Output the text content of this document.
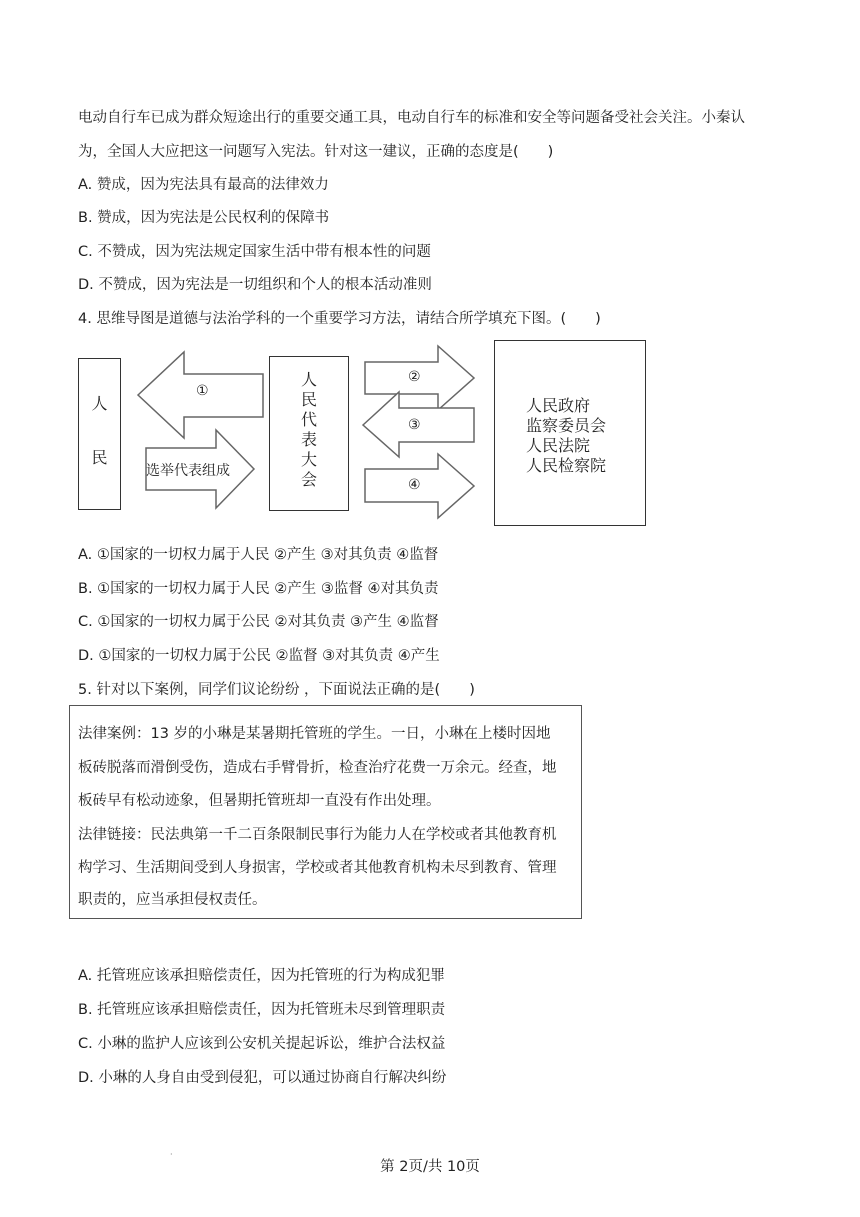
电动自行车已成为群众短途出行的重要交通工具，电动自行车的标准和安全等问题备受社会关注。小秦认
为，全国人大应把这一问题写入宪法。针对这一建议，正确的态度是(　　)
A. 赞成，因为宪法具有最高的法律效力
B. 赞成，因为宪法是公民权利的保障书
C. 不赞成，因为宪法规定国家生活中带有根本性的问题
D. 不赞成，因为宪法是一切组织和个人的根本活动准则
4. 思维导图是道德与法治学科的一个重要学习方法，请结合所学填充下图。(　　)
人
民
①
选举代表组成
②
③
④
人
民
代
表
大
会
人民政府
监察委员会
人民法院
人民检察院
A. ①国家的一切权力属于人民 ②产生 ③对其负责 ④监督
B. ①国家的一切权力属于人民 ②产生 ③监督 ④对其负责
C. ①国家的一切权力属于公民 ②对其负责 ③产生 ④监督
D. ①国家的一切权力属于公民 ②监督 ③对其负责 ④产生
5. 针对以下案例，同学们议论纷纷 ，下面说法正确的是(　　)
法律案例：13 岁的小琳是某暑期托管班的学生。一日，小琳在上楼时因地
板砖脱落而滑倒受伤，造成右手臂骨折，检查治疗花费一万余元。经查，地
板砖早有松动迹象，但暑期托管班却一直没有作出处理。
法律链接：民法典第一千二百条限制民事行为能力人在学校或者其他教育机
构学习、生活期间受到人身损害，学校或者其他教育机构未尽到教育、管理
职责的，应当承担侵权责任。
A. 托管班应该承担赔偿责任，因为托管班的行为构成犯罪
B. 托管班应该承担赔偿责任，因为托管班未尽到管理职责
C. 小琳的监护人应该到公安机关提起诉讼，维护合法权益
D. 小琳的人身自由受到侵犯，可以通过协商自行解决纠纷
·
第 2页/共 10页
